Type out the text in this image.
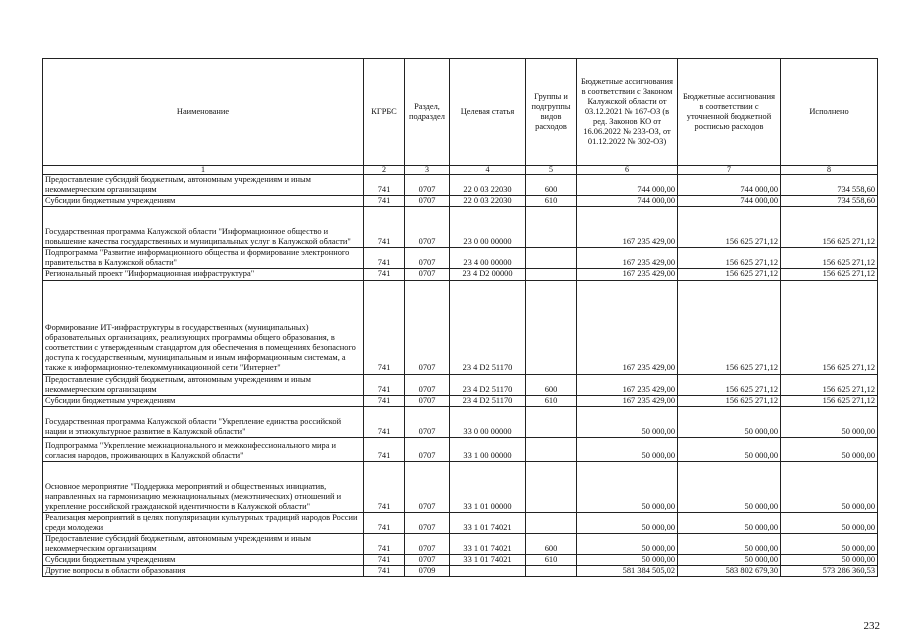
Наименование	КГРБС	Раздел, подраздел	Целевая статья	Группы и подгруппы видов расходов	Бюджетные ассигнования в соответствии с Законом Калужской области от 03.12.2021 № 167-ОЗ (в ред. Законов КО от 16.06.2022 № 233-ОЗ, от 01.12.2022 № 302-ОЗ)	Бюджетные ассигнования в соответствии с уточненной бюджетной росписью расходов	Исполнено
1	2	3	4	5	6	7	8
Предоставление субсидий бюджетным, автономным учреждениям и иным некоммерческим организациям	741	0707	22 0 03 22030	600	744 000,00	744 000,00	734 558,60
Субсидии бюджетным учреждениям	741	0707	22 0 03 22030	610	744 000,00	744 000,00	734 558,60
Государственная программа Калужской области "Информационное общество и повышение качества государственных и муниципальных услуг в Калужской области"	741	0707	23 0 00 00000		167 235 429,00	156 625 271,12	156 625 271,12
Подпрограмма "Развитие информационного общества и формирование электронного правительства в Калужской области"	741	0707	23 4 00 00000		167 235 429,00	156 625 271,12	156 625 271,12
Региональный проект "Информационная инфраструктура"	741	0707	23 4 D2 00000		167 235 429,00	156 625 271,12	156 625 271,12
Формирование ИТ-инфраструктуры в государственных (муниципальных) образовательных организациях, реализующих программы общего образования, в соответствии с утвержденным стандартом для обеспечения в помещениях безопасного доступа к государственным, муниципальным и иным информационным системам, а также к информационно-телекоммуникационной сети "Интернет"	741	0707	23 4 D2 51170		167 235 429,00	156 625 271,12	156 625 271,12
Предоставление субсидий бюджетным, автономным учреждениям и иным некоммерческим организациям	741	0707	23 4 D2 51170	600	167 235 429,00	156 625 271,12	156 625 271,12
Субсидии бюджетным учреждениям	741	0707	23 4 D2 51170	610	167 235 429,00	156 625 271,12	156 625 271,12
Государственная программа Калужской области "Укрепление единства российской нации и этнокультурное развитие в Калужской области"	741	0707	33 0 00 00000		50 000,00	50 000,00	50 000,00
Подпрограмма "Укрепление межнационального и межконфессионального мира и согласия народов, проживающих в Калужской области"	741	0707	33 1 00 00000		50 000,00	50 000,00	50 000,00
Основное мероприятие "Поддержка мероприятий и общественных инициатив, направленных на гармонизацию межнациональных (межэтнических) отношений и укрепление российской гражданской идентичности в Калужской области"	741	0707	33 1 01 00000		50 000,00	50 000,00	50 000,00
Реализация мероприятий в целях популяризации культурных традиций народов России среди молодежи	741	0707	33 1 01 74021		50 000,00	50 000,00	50 000,00
Предоставление субсидий бюджетным, автономным учреждениям и иным некоммерческим организациям	741	0707	33 1 01 74021	600	50 000,00	50 000,00	50 000,00
Субсидии бюджетным учреждениям	741	0707	33 1 01 74021	610	50 000,00	50 000,00	50 000,00
Другие вопросы в области образования	741	0709			581 384 505,02	583 802 679,30	573 286 360,53
232
